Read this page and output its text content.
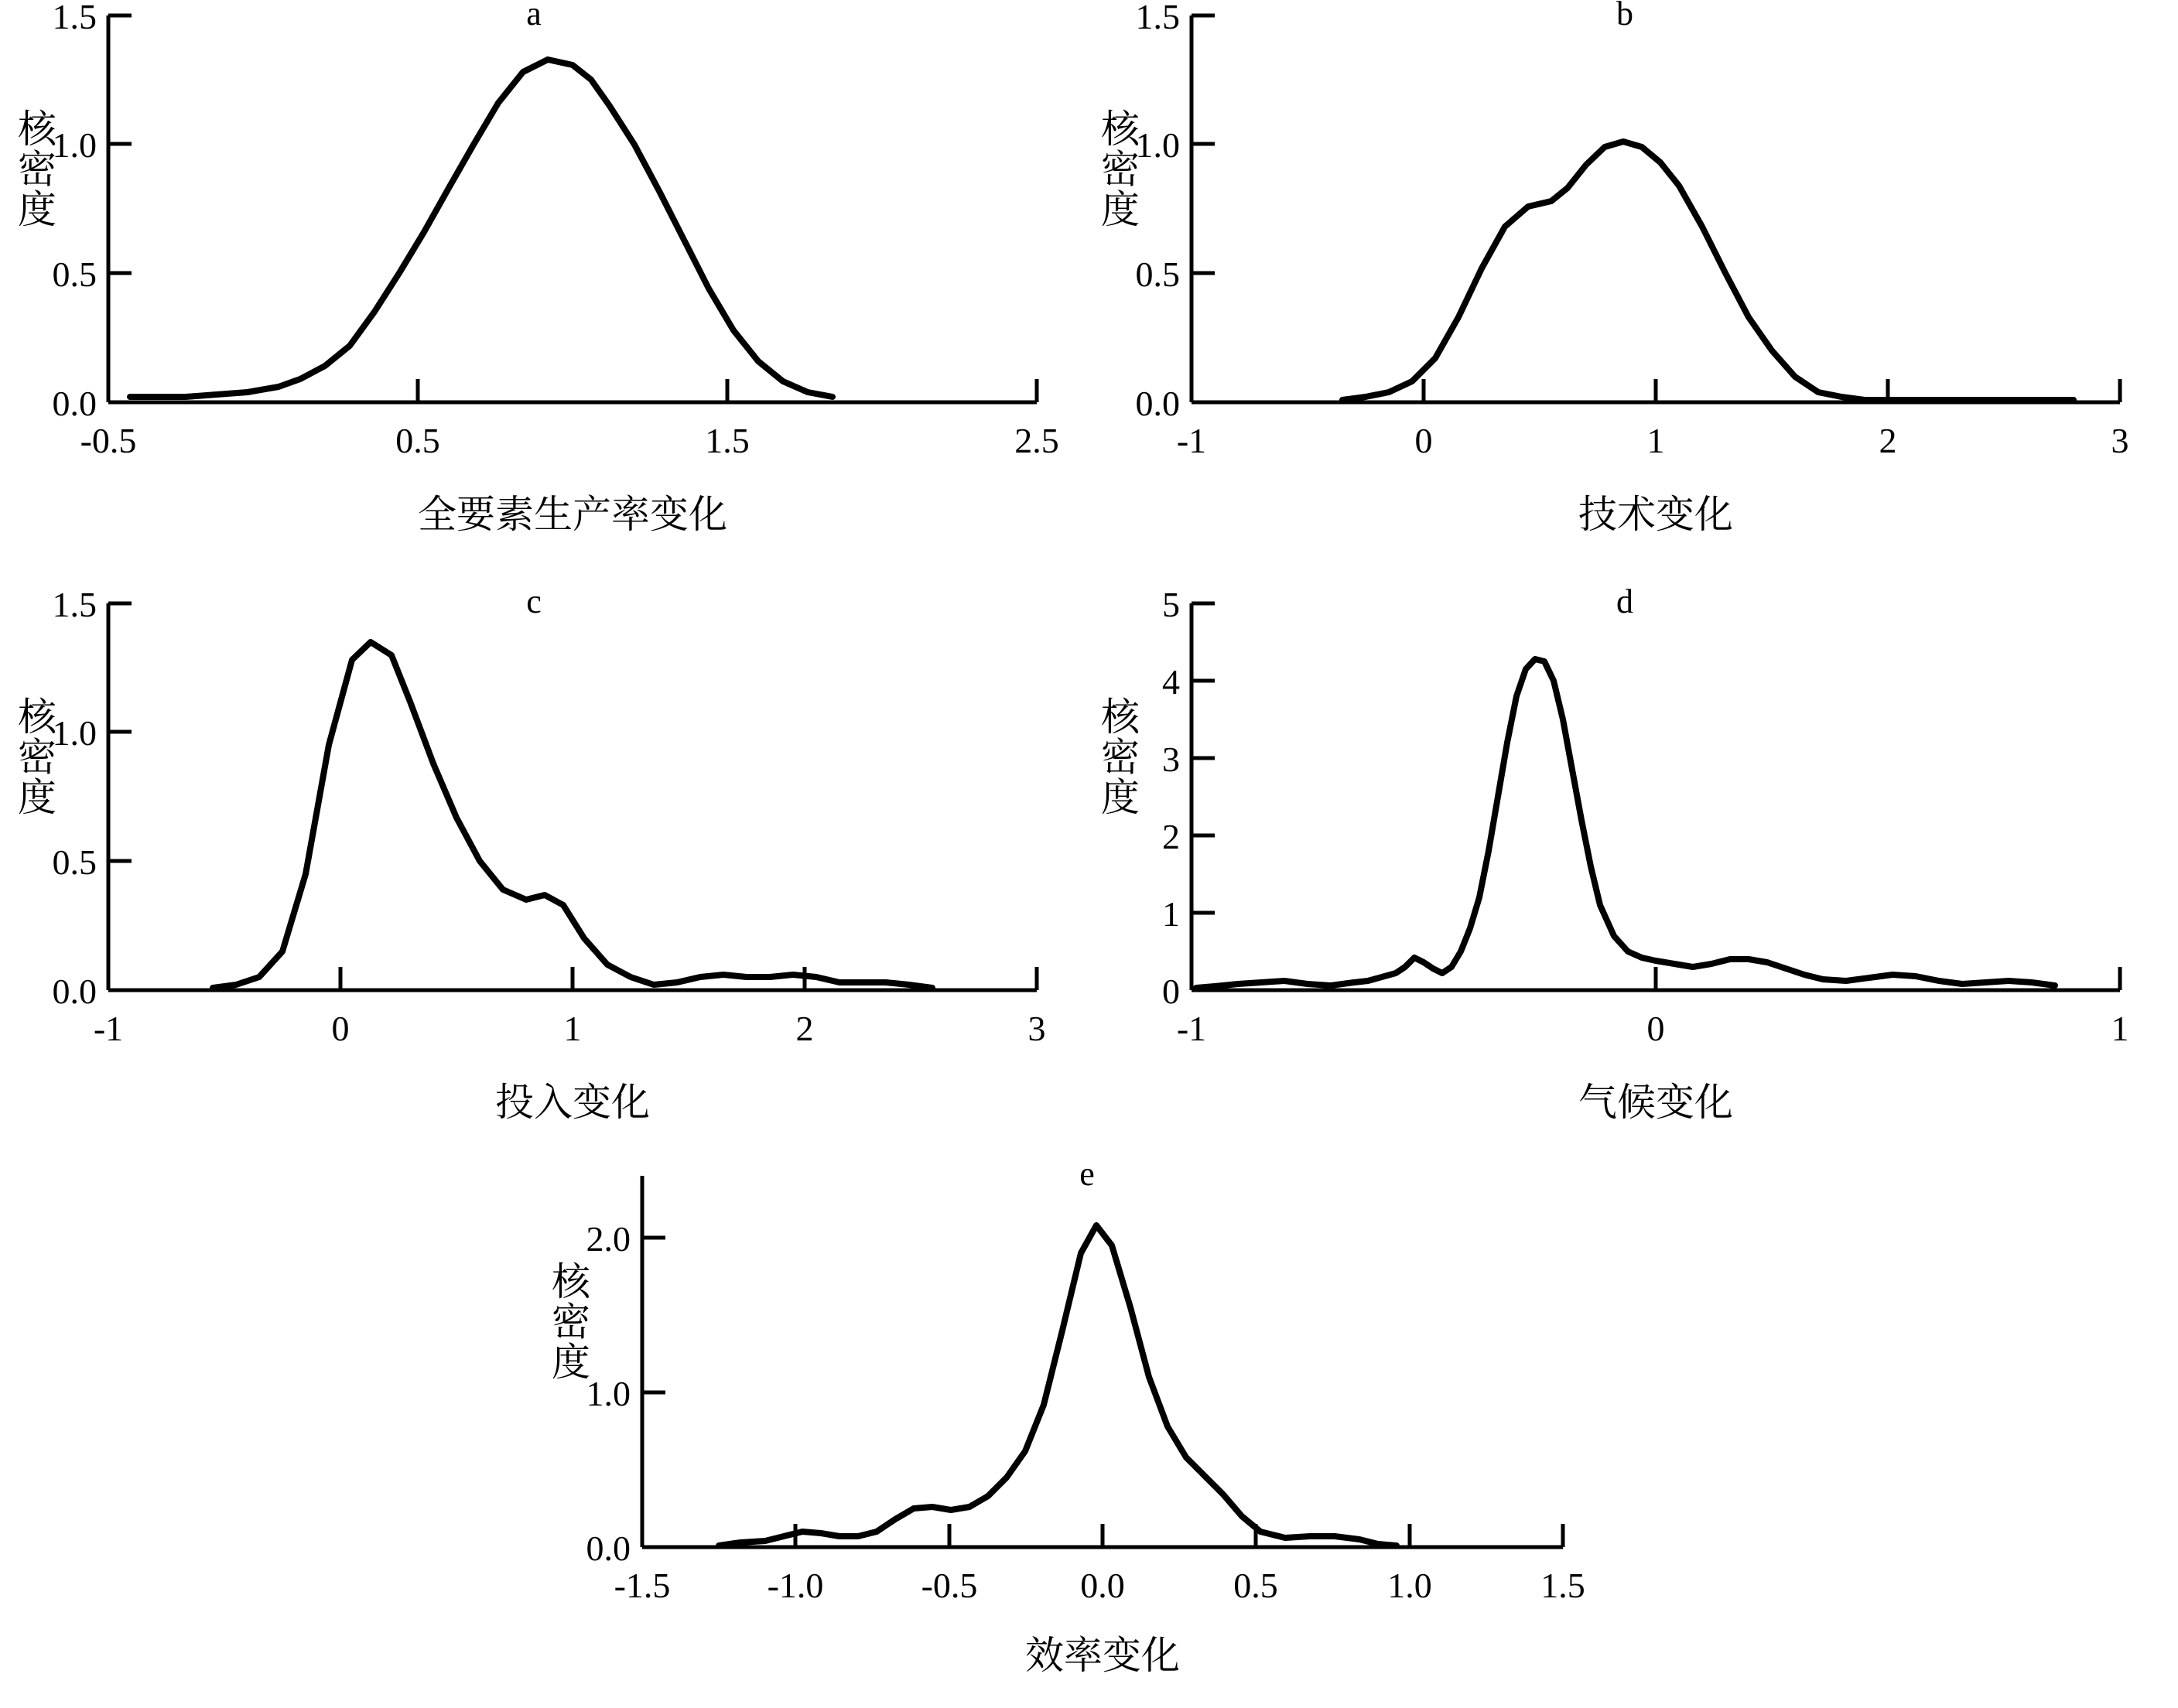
a
核密度
0.0
0.5
1.0
1.5
-0.5	0.5	1.5	2.5
全要素生产率变化
b
核密度
0.0
0.5
1.0
1.5
-1	0	1	2	3
技术变化
c
核密度
0.0
0.5
1.0
1.5
-1	0	1	2	3
投入变化
d
核密度
0
1
2
3
4
5
-1	0	1
气候变化
e
核密度
0.0
1.0
2.0
-1.5	-1.0	-0.5	0.0	0.5	1.0	1.5
效率变化
